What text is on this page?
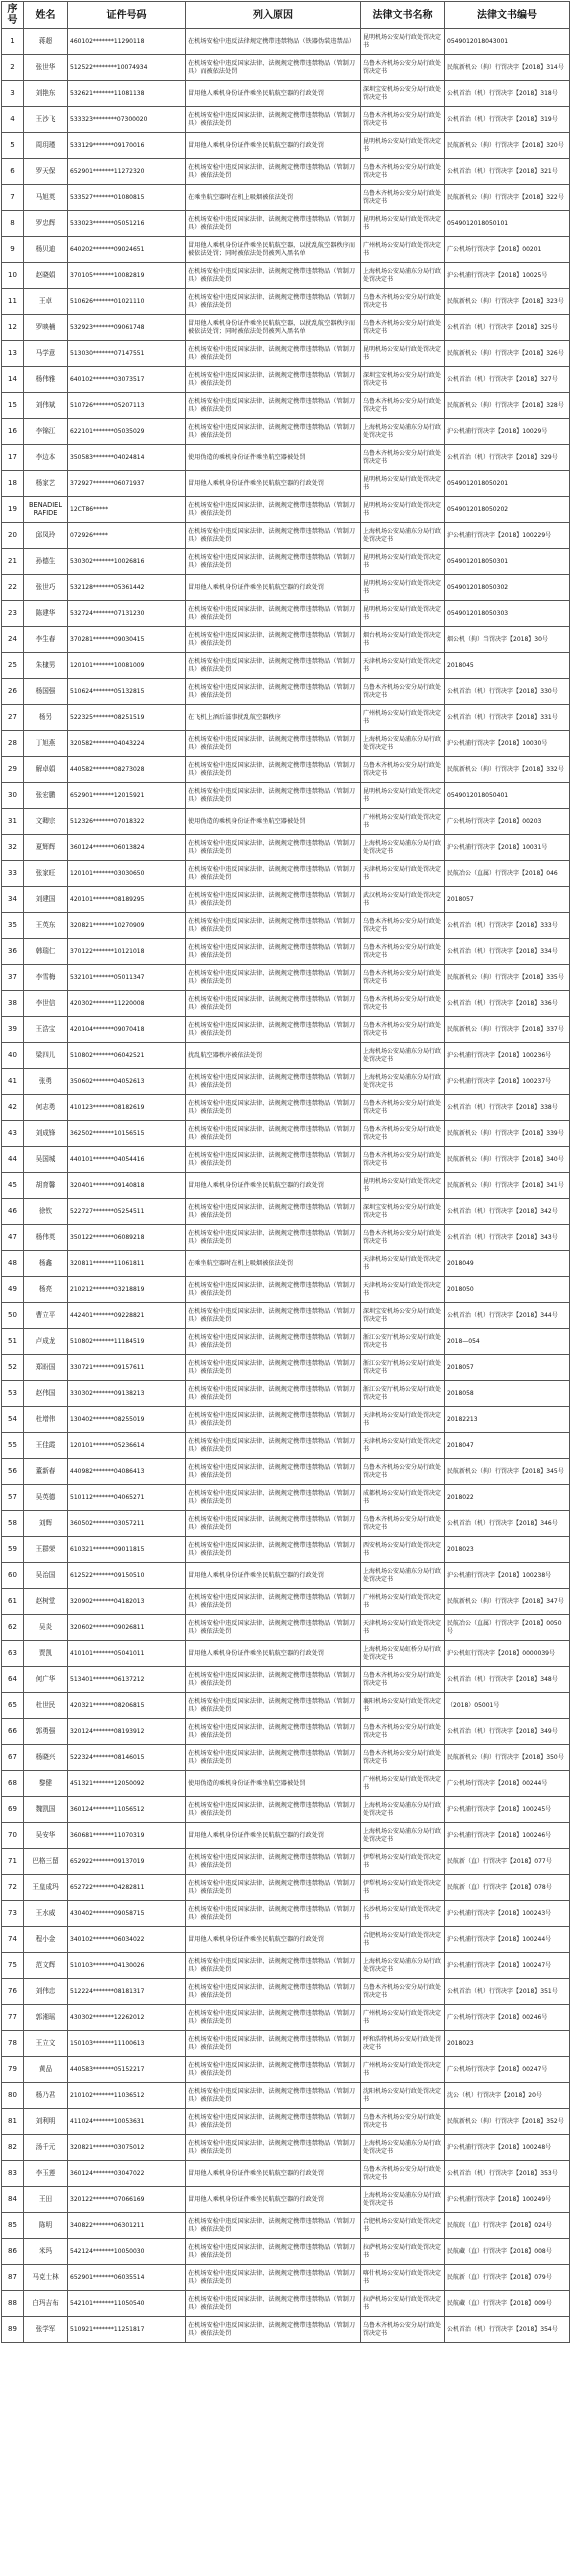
序号	姓名	证件号码	列入原因	法律文书名称	法律文书编号
1	蒋超	460102*******11290118	在机场安检中违反法律规定携带违禁物品（铁器伪装违禁品）	昆明机场公安局行政处罚决定书	0549012018043001
2	张世华	512522********10074934	在机场安检中违反国家法律、法规规定携带违禁物品（管制刀具）而被依法处罚	乌鲁木齐机场公安分局行政处罚决定书	民航新机公（拘）行罚决字【2018】314号
3	刘艳东	532621*******11081138	冒用他人乘机身份证件乘坐民航航空器的行政处罚	深圳宝安机场公安分局行政处罚决定书	公机首治（机）行罚决字【2018】318号
4	王沙飞	533323********07300020	在机场安检中违反国家法律、法规规定携带违禁物品（管制刀具）被依法处罚	乌鲁木齐机场公安分局行政处罚决定书	公机首治（机）行罚决字【2018】319号
5	周玥瑾	533129*******09170016	冒用他人乘机身份证件乘坐民航航空器的行政处罚	昆明机场公安局行政处罚决定书	民航新机公（拘）行罚决字【2018】320号
6	罗天保	652901*******11272320	在机场安检中违反国家法律、法规规定携带违禁物品（管制刀具）被依法处罚	乌鲁木齐机场公安分局行政处罚决定书	公机首治（机）行罚决字【2018】321号
7	马旭英	533527*******01080815	在乘坐航空器时在机上吸烟被依法处罚	乌鲁木齐机场公安分局行政处罚决定书	民航新机公（拘）行罚决字【2018】322号
8	罗忠辉	533023*******05051216	在机场安检中违反国家法律、法规规定携带违禁物品（管制刀具）被依法处罚	昆明机场公安局行政处罚决定书	0549012018050101
9	杨贝迪	640202*******09024651	冒用他人乘机身份证件乘坐民航航空器，以扰乱航空器秩序而被依法处罚；同时被依法处罚被列入黑名单	广州机场公安局行政处罚决定书	广公机场行罚决字【2018】00201
10	赵晓娟	370105*******10082819	在机场安检中违反国家法律、法规规定携带违禁物品（管制刀具）被依法处罚	上海机场公安局浦东分局行政处罚决定书	沪公机浦行罚决字【2018】10025号
11	王卓	510626*******01021110	在机场安检中违反国家法律、法规规定携带违禁物品（管制刀具）被依法处罚	乌鲁木齐机场公安分局行政处罚决定书	民航新机公（拘）行罚决字【2018】323号
12	罗映楠	532923*******09061748	冒用他人乘机身份证件乘坐民航航空器，以扰乱航空器秩序而被依法处罚；同时被依法处罚被列入黑名单	乌鲁木齐机场公安分局行政处罚决定书	公机首治（机）行罚决字【2018】325号
13	马学意	513030*******07147551	在机场安检中违反国家法律、法规规定携带违禁物品（管制刀具）被依法处罚	昆明机场公安局行政处罚决定书	民航新机公（拘）行罚决字【2018】326号
14	杨伟雅	640102*******03073517	在机场安检中违反国家法律、法规规定携带违禁物品（管制刀具）被依法处罚	深圳宝安机场公安分局行政处罚决定书	公机首治（机）行罚决字【2018】327号
15	刘伟斌	510726*******05207113	在机场安检中违反国家法律、法规规定携带违禁物品（管制刀具）被依法处罚	乌鲁木齐机场公安分局行政处罚决定书	民航新机公（拘）行罚决字【2018】328号
16	李锦江	622101*******05035029	在机场安检中违反国家法律、法规规定携带违禁物品（管制刀具）被依法处罚	上海机场公安局浦东分局行政处罚决定书	沪公机浦行罚决字【2018】10029号
17	李边本	350583*******04024814	使用伪造的乘机身份证件乘坐航空器被处罚	乌鲁木齐机场公安分局行政处罚决定书	公机首治（机）行罚决字【2018】329号
18	杨家艺	372927*******06071937	冒用他人乘机身份证件乘坐民航航空器的行政处罚	昆明机场公安局行政处罚决定书	0549012018050201
19	BENADIEL RAFIDE	12CT86*****	在机场安检中违反国家法律、法规规定携带违禁物品（管制刀具）被依法处罚	昆明机场公安局行政处罚决定书	0549012018050202
20	邱凤玲	072926*****	在机场安检中违反国家法律、法规规定携带违禁物品（管制刀具）被依法处罚	上海机场公安局浦东分局行政处罚决定书	沪公机浦行罚决字【2018】100229号
21	孙德生	530302*******10026816	在机场安检中违反国家法律、法规规定携带违禁物品（管制刀具）被依法处罚	昆明机场公安局行政处罚决定书	0549012018050301
22	张世巧	532128*******05361442	冒用他人乘机身份证件乘坐民航航空器的行政处罚	昆明机场公安局行政处罚决定书	0549012018050302
23	陈建华	532724*******07131230	在机场安检中违反国家法律、法规规定携带违禁物品（管制刀具）被依法处罚	昆明机场公安局行政处罚决定书	0549012018050303
24	李生春	370281*******09030415	在机场安检中违反国家法律、法规规定携带违禁物品（管制刀具）被依法处罚	烟台机场公安局行政处罚决定书	烟公机（拘）当罚决字【2018】30号
25	朱棣男	120101*******10081009	在机场安检中违反国家法律、法规规定携带违禁物品（管制刀具）被依法处罚	天津机场公安局行政处罚决定书	2018045
26	杨国强	510624*******05132815	在机场安检中违反国家法律、法规规定携带违禁物品（管制刀具）被依法处罚	乌鲁木齐机场公安分局行政处罚决定书	公机首治（机）行罚决字【2018】330号
27	杨另	522325*******08251519	在飞机上酒后滋事扰乱航空器秩序	广州机场公安局行政处罚决定书	公机首治（机）行罚决字【2018】331号
28	丁旭燕	320582*******04043224	在机场安检中违反国家法律、法规规定携带违禁物品（管制刀具）被依法处罚	上海机场公安局浦东分局行政处罚决定书	沪公机浦行罚决字【2018】10030号
29	解卓娟	440582*******08273028	在机场安检中违反国家法律、法规规定携带违禁物品（管制刀具）被依法处罚	乌鲁木齐机场公安分局行政处罚决定书	民航新机公（拘）行罚决字【2018】332号
30	张宏鹏	652901*******12015921	在机场安检中违反国家法律、法规规定携带违禁物品（管制刀具）被依法处罚	昆明机场公安局行政处罚决定书	0549012018050401
31	文卿宗	512326*******07018322	使用伪造的乘机身份证件乘坐航空器被处罚	广州机场公安局行政处罚决定书	广公机场行罚决字【2018】00203
32	夏辉辉	360124*******06013824	在机场安检中违反国家法律、法规规定携带违禁物品（管制刀具）被依法处罚	上海机场公安局浦东分局行政处罚决定书	沪公机浦行罚决字【2018】10031号
33	张家旺	120101*******03030650	在机场安检中违反国家法律、法规规定携带违禁物品（管制刀具）被依法处罚	天津机场公安局行政处罚决定书	民航冶公（直属）行罚决字【2018】046
34	刘建国	420101*******08189295	在机场安检中违反国家法律、法规规定携带违禁物品（管制刀具）被依法处罚	武汉机场公安局行政处罚决定书	2018057
35	王英东	320821*******10270909	在机场安检中违反国家法律、法规规定携带违禁物品（管制刀具）被依法处罚	乌鲁木齐机场公安分局行政处罚决定书	公机首治（机）行罚决字【2018】333号
36	韩瑞仁	370122*******10121018	在机场安检中违反国家法律、法规规定携带违禁物品（管制刀具）被依法处罚	乌鲁木齐机场公安分局行政处罚决定书	公机首治（机）行罚决字【2018】334号
37	李雪梅	532101*******05011347	在机场安检中违反国家法律、法规规定携带违禁物品（管制刀具）被依法处罚	乌鲁木齐机场公安分局行政处罚决定书	民航新机公（拘）行罚决字【2018】335号
38	李世信	420302*******11220008	在机场安检中违反国家法律、法规规定携带违禁物品（管制刀具）被依法处罚	乌鲁木齐机场公安分局行政处罚决定书	公机首治（机）行罚决字【2018】336号
39	王浩宝	420104*******09070418	在机场安检中违反国家法律、法规规定携带违禁物品（管制刀具）被依法处罚	乌鲁木齐机场公安分局行政处罚决定书	民航新机公（拘）行罚决字【2018】337号
40	梁四儿	510802*******06042521	扰乱航空器秩序被依法处罚	上海机场公安局浦东分局行政处罚决定书	沪公机浦行罚决字【2018】100236号
41	张勇	350602*******04052613	在机场安检中违反国家法律、法规规定携带违禁物品（管制刀具）被依法处罚	上海机场公安局浦东分局行政处罚决定书	沪公机浦行罚决字【2018】100237号
42	何志勇	410123*******08182619	在机场安检中违反国家法律、法规规定携带违禁物品（管制刀具）被依法处罚	乌鲁木齐机场公安分局行政处罚决定书	公机首治（机）行罚决字【2018】338号
43	刘成锋	362502*******10156515	在机场安检中违反国家法律、法规规定携带违禁物品（管制刀具）被依法处罚	乌鲁木齐机场公安分局行政处罚决定书	民航新机公（拘）行罚决字【2018】339号
44	吴国城	440101*******04054416	在机场安检中违反国家法律、法规规定携带违禁物品（管制刀具）被依法处罚	乌鲁木齐机场公安分局行政处罚决定书	民航新机公（拘）行罚决字【2018】340号
45	胡育馨	320401*******09140818	冒用他人乘机身份证件乘坐民航航空器的行政处罚	昆明机场公安局行政处罚决定书	民航新机公（拘）行罚决字【2018】341号
46	徐钦	522727*******05254511	在机场安检中违反国家法律、法规规定携带违禁物品（管制刀具）被依法处罚	深圳宝安机场公安分局行政处罚决定书	公机首治（机）行罚决字【2018】342号
47	杨伟英	350122*******06089218	在机场安检中违反国家法律、法规规定携带违禁物品（管制刀具）被依法处罚	乌鲁木齐机场公安分局行政处罚决定书	公机首治（机）行罚决字【2018】343号
48	杨鑫	320811*******11061811	在乘坐航空器时在机上吸烟被依法处罚	天津机场公安局行政处罚决定书	2018049
49	杨亮	210212*******03218819	在机场安检中违反国家法律、法规规定携带违禁物品（管制刀具）被依法处罚	天津机场公安局行政处罚决定书	2018050
50	曹立平	442401*******09228821	在机场安检中违反国家法律、法规规定携带违禁物品（管制刀具）被依法处罚	深圳宝安机场公安分局行政处罚决定书	公机首治（机）行罚决字【2018】344号
51	卢成龙	510802*******11184519	在机场安检中违反国家法律、法规规定携带违禁物品（管制刀具）被依法处罚	浙江公安厅机场公安局行政处罚决定书	2018—054
52	郑盼国	330721*******09157611	在机场安检中违反国家法律、法规规定携带违禁物品（管制刀具）被依法处罚	浙江公安厅机场公安局行政处罚决定书	2018057
53	赵伟国	330302*******09138213	在机场安检中违反国家法律、法规规定携带违禁物品（管制刀具）被依法处罚	浙江公安厅机场公安局行政处罚决定书	2018058
54	杜增伟	130402*******08255019	在机场安检中违反国家法律、法规规定携带违禁物品（管制刀具）被依法处罚	天津机场公安局行政处罚决定书	20182213
55	王佳霞	120101*******05236614	在机场安检中违反国家法律、法规规定携带违禁物品（管制刀具）被依法处罚	天津机场公安局行政处罚决定书	2018047
56	董新春	440982*******04086413	在机场安检中违反国家法律、法规规定携带违禁物品（管制刀具）被依法处罚	乌鲁木齐机场公安分局行政处罚决定书	民航新机公（拘）行罚决字【2018】345号
57	吴英德	510112*******04065271	在机场安检中违反国家法律、法规规定携带违禁物品（管制刀具）被依法处罚	成都机场公安局行政处罚决定书	2018022
58	刘辉	360502*******03057211	在机场安检中违反国家法律、法规规定携带违禁物品（管制刀具）被依法处罚	乌鲁木齐机场公安分局行政处罚决定书	公机首治（机）行罚决字【2018】346号
59	王群荣	610321*******09011815	在机场安检中违反国家法律、法规规定携带违禁物品（管制刀具）被依法处罚	西安机场公安局行政处罚决定书	2018023
60	吴治国	612522*******09150510	冒用他人乘机身份证件乘坐民航航空器的行政处罚	上海机场公安局浦东分局行政处罚决定书	沪公机浦行罚决字【2018】100238号
61	赵树堂	320902*******04182013	在机场安检中违反国家法律、法规规定携带违禁物品（管制刀具）被依法处罚	广州机场公安局行政处罚决定书	民航新机公（拘）行罚决字【2018】347号
62	吴炎	320602*******09026811	在机场安检中违反国家法律、法规规定携带违禁物品（管制刀具）被依法处罚	天津机场公安局行政处罚决定书	民航冶公（直属）行罚决字【2018】0050号
63	贾凯	410101*******05041011	冒用他人乘机身份证件乘坐民航航空器的行政处罚	上海机场公安局虹桥分局行政处罚决定书	沪公机虹行罚决字【2018】0000039号
64	何广华	513401*******06137212	在机场安检中违反国家法律、法规规定携带违禁物品（管制刀具）被依法处罚	乌鲁木齐机场公安分局行政处罚决定书	公机首治（机）行罚决字【2018】348号
65	杜世民	420321*******08206815	在机场安检中违反国家法律、法规规定携带违禁物品（管制刀具）被依法处罚	襄阳机场公安局行政处罚决定书	（2018）05001号
66	郭勇强	320124*******08193912	在机场安检中违反国家法律、法规规定携带违禁物品（管制刀具）被依法处罚	乌鲁木齐机场公安分局行政处罚决定书	公机首治（机）行罚决字【2018】349号
67	杨晓兴	522324*******08146015	在机场安检中违反国家法律、法规规定携带违禁物品（管制刀具）被依法处罚	乌鲁木齐机场公安分局行政处罚决定书	民航新机公（拘）行罚决字【2018】350号
68	黎健	451321*******12050092	使用伪造的乘机身份证件乘坐航空器被处罚	广州机场公安局行政处罚决定书	广公机场行罚决字【2018】00244号
69	魏凯国	360124*******11056512	在机场安检中违反国家法律、法规规定携带违禁物品（管制刀具）被依法处罚	上海机场公安局浦东分局行政处罚决定书	沪公机浦行罚决字【2018】100245号
70	吴安华	360681*******11070319	冒用他人乘机身份证件乘坐民航航空器的行政处罚	上海机场公安局浦东分局行政处罚决定书	沪公机浦行罚决字【2018】100246号
71	巴格三留	652922*******09137019	在机场安检中违反国家法律、法规规定携带违禁物品（管制刀具）被依法处罚	伊犁机场公安局行政处罚决定书	民航新（直）行罚决字【2018】077号
72	王皇成玛	652722*******04282811	在机场安检中违反国家法律、法规规定携带违禁物品（管制刀具）被依法处罚	伊犁机场公安局行政处罚决定书	民航新（直）行罚决字【2018】078号
73	王水威	430402*******09058715	在机场安检中违反国家法律、法规规定携带违禁物品（管制刀具）被依法处罚	长沙机场公安局行政处罚决定书	沪公机浦行罚决字【2018】100243号
74	程小金	340102*******06034022	冒用他人乘机身份证件乘坐民航航空器的行政处罚	合肥机场公安局行政处罚决定书	沪公机浦行罚决字【2018】100244号
75	范文辉	510103*******04130026	在机场安检中违反国家法律、法规规定携带违禁物品（管制刀具）被依法处罚	上海机场公安局浦东分局行政处罚决定书	沪公机浦行罚决字【2018】100247号
76	刘伟忠	512224*******08181317	在机场安检中违反国家法律、法规规定携带违禁物品（管制刀具）被依法处罚	乌鲁木齐机场公安分局行政处罚决定书	公机首治（机）行罚决字【2018】351号
77	郭湘瑶	430302*******12262012	在机场安检中违反国家法律、法规规定携带违禁物品（管制刀具）被依法处罚	广州机场公安局行政处罚决定书	广公机场行罚决字【2018】00246号
78	王立文	150103*******11100613	在机场安检中违反国家法律、法规规定携带违禁物品（管制刀具）被依法处罚	呼和浩特机场公安局行政处罚决定书	2018023
79	黄品	440583*******05152217	在机场安检中违反国家法律、法规规定携带违禁物品（管制刀具）被依法处罚	广州机场公安局行政处罚决定书	广公机场行罚决字【2018】00247号
80	杨乃君	210102*******11036512	在机场安检中违反国家法律、法规规定携带违禁物品（管制刀具）被依法处罚	沈阳机场公安局行政处罚决定书	沈公（机）行罚决字【2018】20号
81	刘利明	411024*******10053631	在机场安检中违反国家法律、法规规定携带违禁物品（管制刀具）被依法处罚	乌鲁木齐机场公安分局行政处罚决定书	民航新机公（拘）行罚决字【2018】352号
82	汤千元	320821*******03075012	在机场安检中违反国家法律、法规规定携带违禁物品（管制刀具）被依法处罚	上海机场公安局浦东分局行政处罚决定书	沪公机浦行罚决字【2018】100248号
83	李玉莲	360124*******03047022	冒用他人乘机身份证件乘坐民航航空器的行政处罚	乌鲁木齐机场公安分局行政处罚决定书	公机首治（机）行罚决字【2018】353号
84	王田	320122*******07066169	冒用他人乘机身份证件乘坐民航航空器的行政处罚	上海机场公安局浦东分局行政处罚决定书	沪公机浦行罚决字【2018】100249号
85	陈明	340822*******06301211	在机场安检中违反国家法律、法规规定携带违禁物品（管制刀具）被依法处罚	合肥机场公安局行政处罚决定书	民航皖（直）行罚决字【2018】024号
86	米玛	542124*******10050030	在机场安检中违反国家法律、法规规定携带违禁物品（管制刀具）被依法处罚	拉萨机场公安局行政处罚决定书	民航藏（直）行罚决字【2018】008号
87	马克士林	652901*******06035514	在机场安检中违反国家法律、法规规定携带违禁物品（管制刀具）被依法处罚	喀什机场公安局行政处罚决定书	民航新（直）行罚决字【2018】079号
88	白玛吉布	542101*******11050540	在机场安检中违反国家法律、法规规定携带违禁物品（管制刀具）被依法处罚	拉萨机场公安局行政处罚决定书	民航藏（直）行罚决字【2018】009号
89	张学军	510921*******11251817	在机场安检中违反国家法律、法规规定携带违禁物品（管制刀具）被依法处罚	乌鲁木齐机场公安分局行政处罚决定书	公机首治（机）行罚决字【2018】354号
